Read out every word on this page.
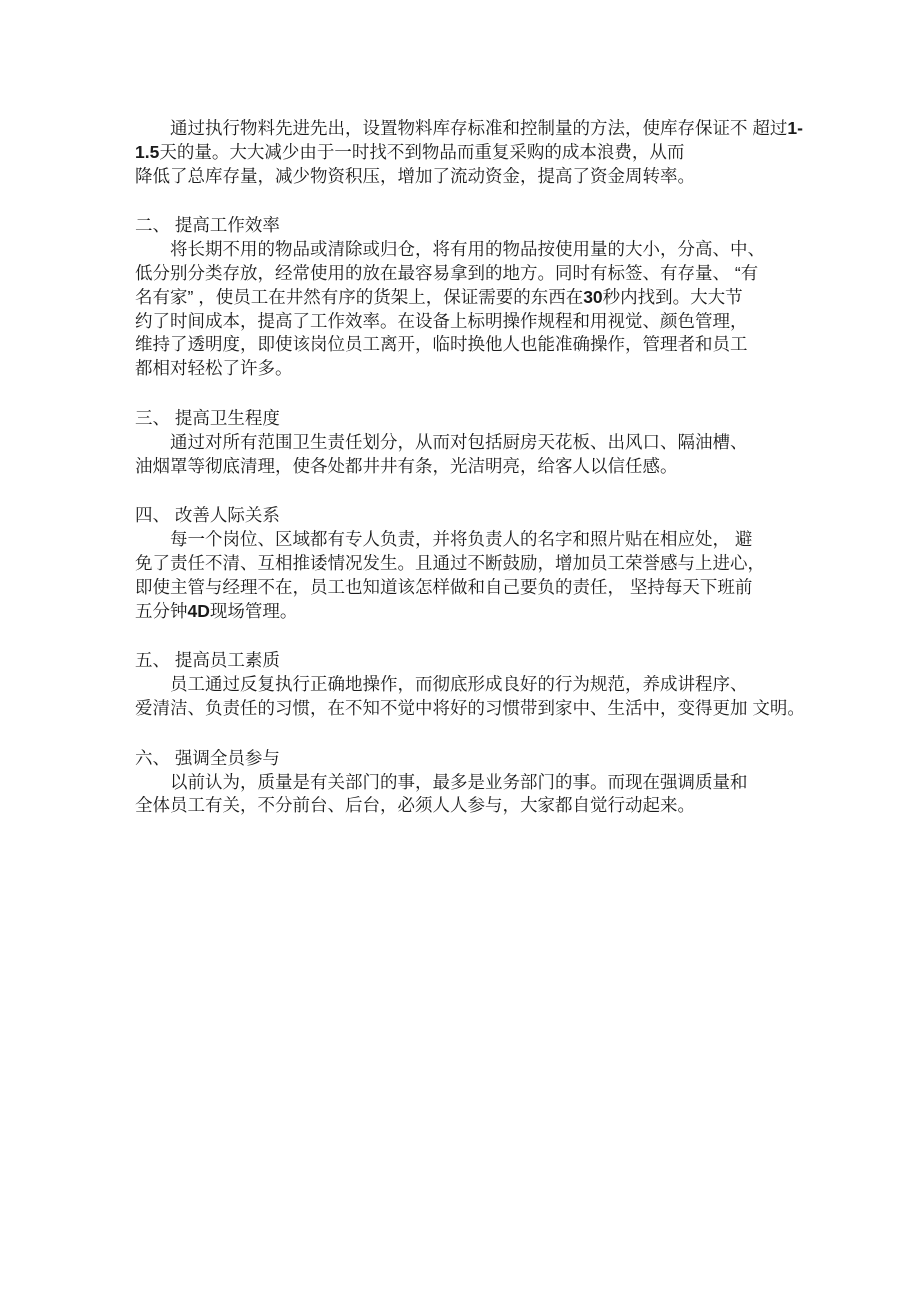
　　通过执行物料先进先出，设置物料库存标准和控制量的方法，使库存保证不 超过1-
1.5天的量。大大减少由于一时找不到物品而重复采购的成本浪费，从而
降低了总库存量，减少物资积压，增加了流动资金，提高了资金周转率。
二、 提高工作效率
　　将长期不用的物品或清除或归仓，将有用的物品按使用量的大小，分高、中、
低分别分类存放，经常使用的放在最容易拿到的地方。同时有标签、有存量、 “有
名有家” ，使员工在井然有序的货架上，保证需要的东西在30秒内找到。大大节
约了时间成本，提高了工作效率。在设备上标明操作规程和用视觉、颜色管理，
维持了透明度，即使该岗位员工离开，临时换他人也能准确操作，管理者和员工
都相对轻松了许多。
三、 提高卫生程度
　　通过对所有范围卫生责任划分，从而对包括厨房天花板、出风口、隔油槽、
油烟罩等彻底清理，使各处都井井有条，光洁明亮，给客人以信任感。
四、 改善人际关系
　　每一个岗位、区域都有专人负责，并将负责人的名字和照片贴在相应处， 避
免了责任不清、互相推诿情况发生。且通过不断鼓励，增加员工荣誉感与上进心，
即使主管与经理不在，员工也知道该怎样做和自己要负的责任， 坚持每天下班前
五分钟4D现场管理。
五、 提高员工素质
　　员工通过反复执行正确地操作，而彻底形成良好的行为规范，养成讲程序、
爱清洁、负责任的习惯，在不知不觉中将好的习惯带到家中、生活中，变得更加 文明。
六、 强调全员参与
　　以前认为，质量是有关部门的事，最多是业务部门的事。而现在强调质量和
全体员工有关，不分前台、后台，必须人人参与，大家都自觉行动起来。
